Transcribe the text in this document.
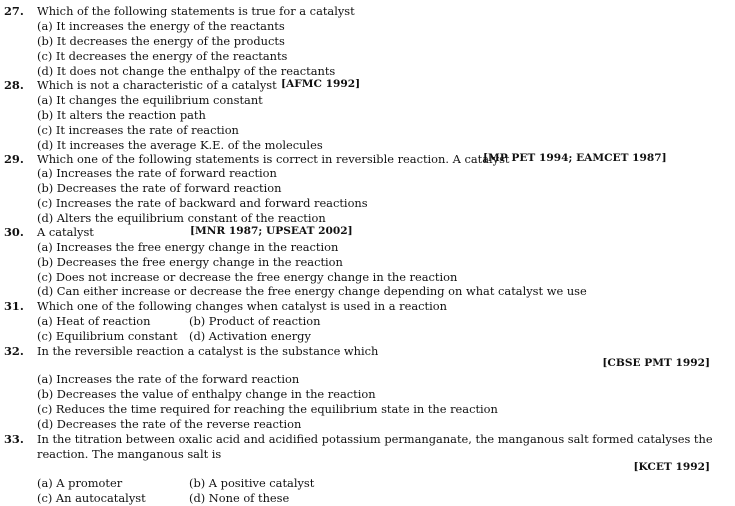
27. Which of the following statements is true for a catalyst
(a) It increases the energy of the reactants
(b) It decreases the energy of the products
(c) It decreases the energy of the reactants
(d) It does not change the enthalpy of the reactants
28. Which is not a characteristic of a catalyst [AFMC 1992]
(a) It changes the equilibrium constant
(b) It alters the reaction path
(c) It increases the rate of reaction
(d) It increases the average K.E. of the molecules
29. Which one of the following statements is correct in reversible reaction. A catalyst
[MP PET 1994; EAMCET 1987]
(a) Increases the rate of forward reaction
(b) Decreases the rate of forward reaction
(c) Increases the rate of backward and forward reactions
(d) Alters the equilibrium constant of the reaction
30. A catalyst	[MNR 1987; UPSEAT 2002]
(a) Increases the free energy change in the reaction
(b) Decreases the free energy change in the reaction
(c) Does not increase or decrease the free energy change in the reaction
(d) Can either increase or decrease the free energy change depending on what catalyst we use
31. Which one of the following changes when catalyst is used in a reaction
(a) Heat of reaction	(b) Product of reaction
(c) Equilibrium constant (d) Activation energy
32. In the reversible reaction a catalyst is the substance which
[CBSE PMT 1992]
(a) Increases the rate of the forward reaction
(b) Decreases the value of enthalpy change in the reaction
(c) Reduces the time required for reaching the equilibrium state in the reaction
(d) Decreases the rate of the reverse reaction
33. In the titration between oxalic acid and acidified potassium permanganate, the manganous salt formed catalyses the reaction. The manganous salt is
[KCET 1992]
(a) A promoter	(b) A positive catalyst
(c) An autocatalyst	(d) None of these
